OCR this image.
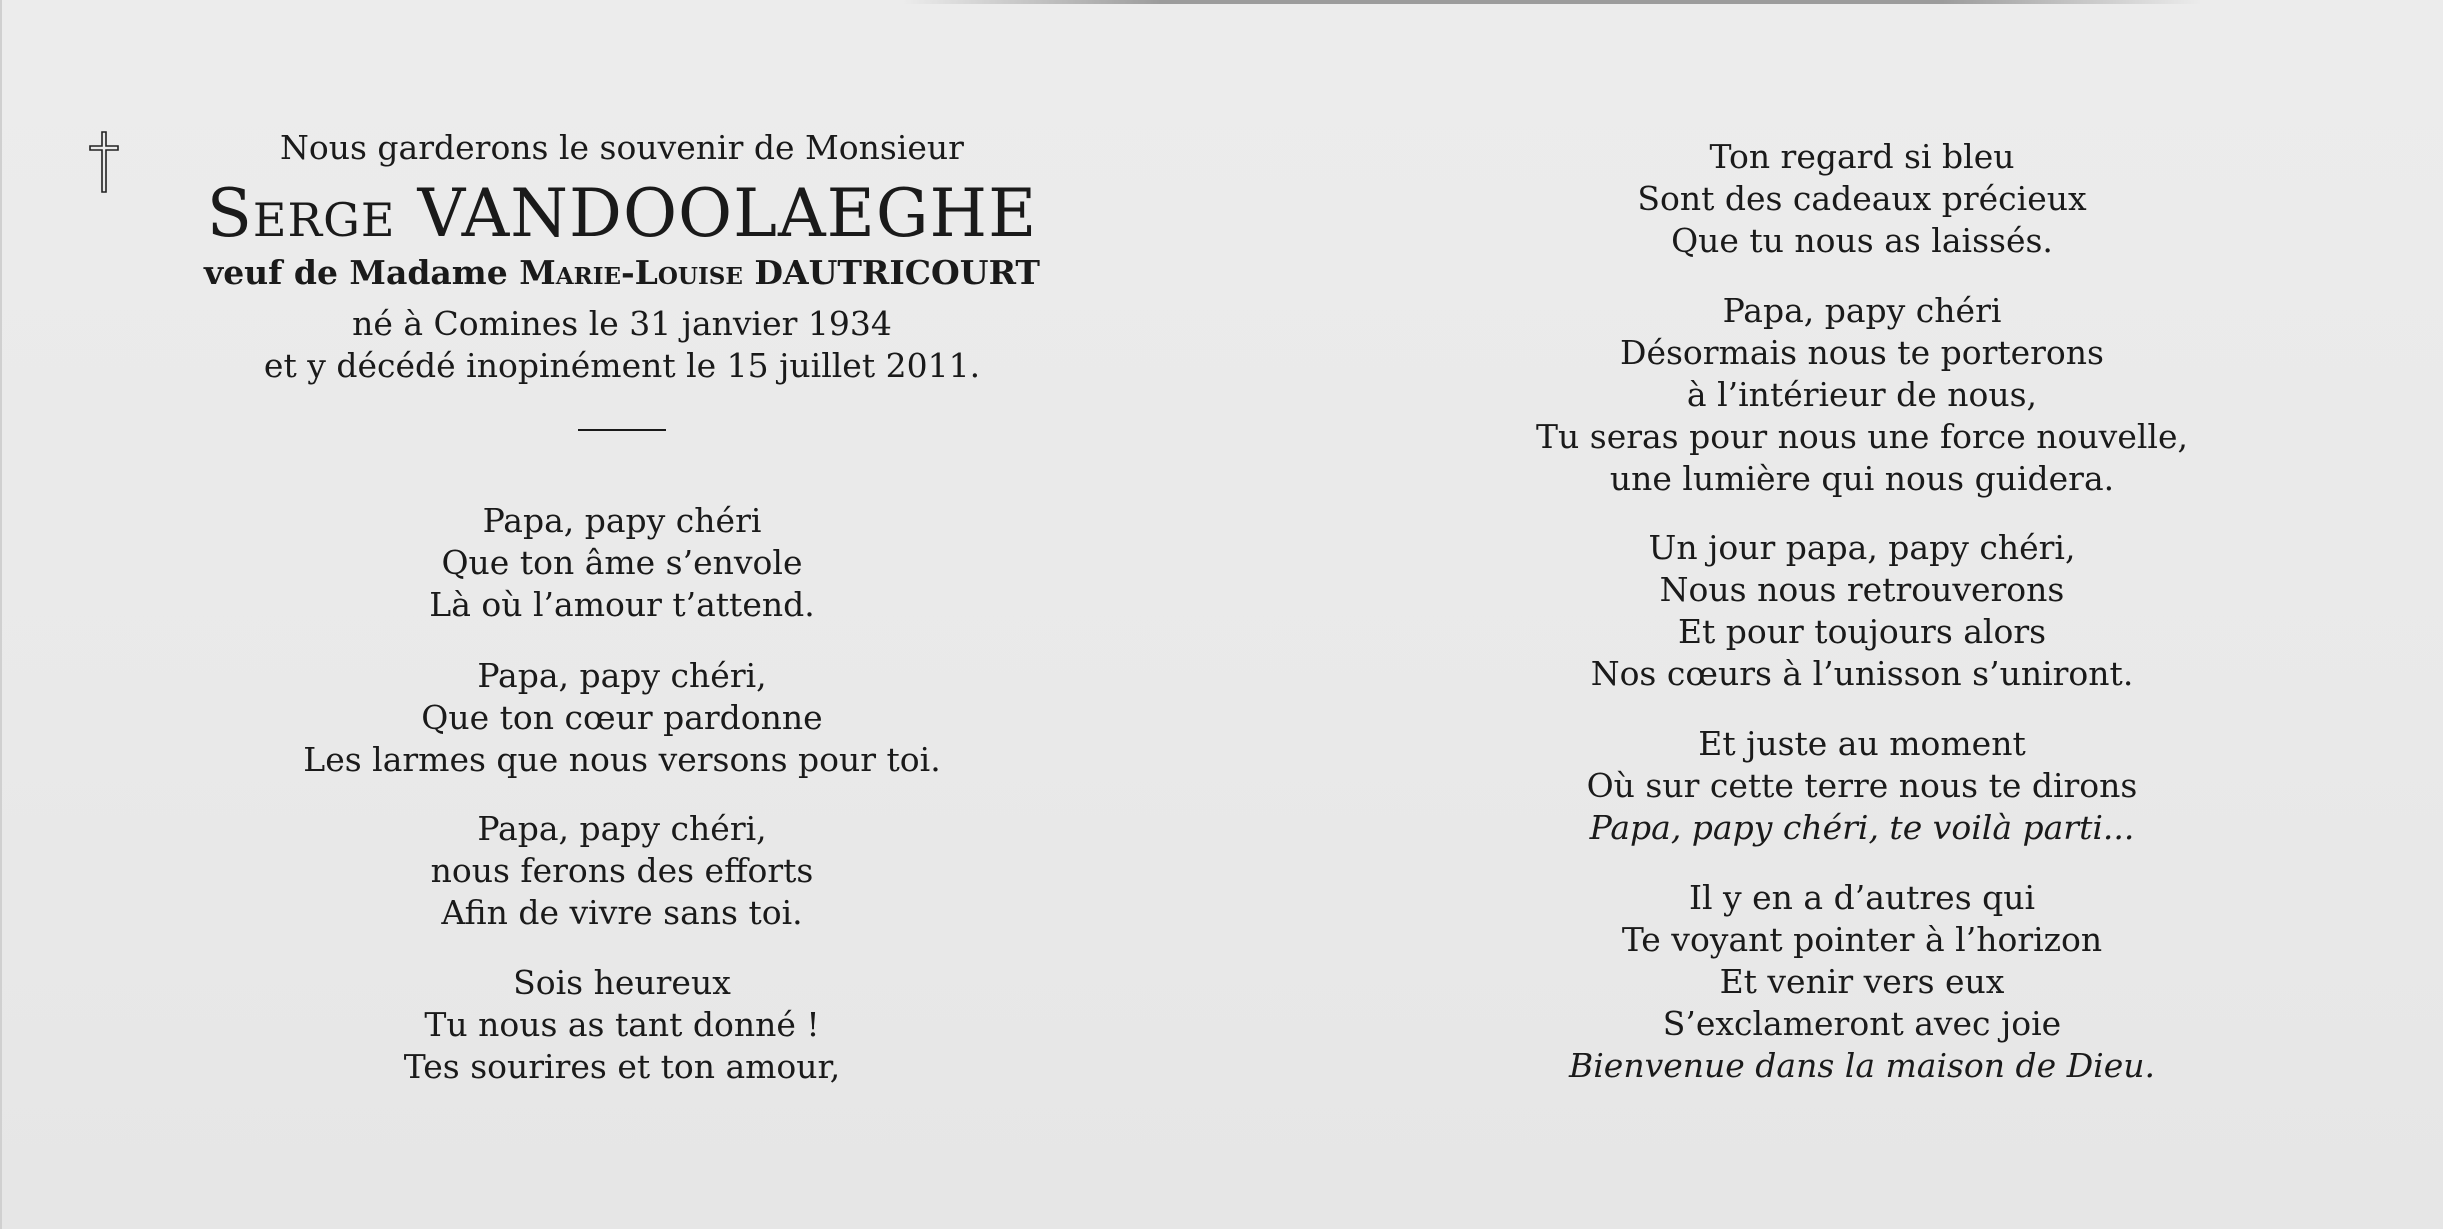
Nous garderons le souvenir de Monsieur
Serge VANDOOLAEGHE
veuf de Madame Marie-Louise DAUTRICOURT
né à Comines le 31 janvier 1934
et y décédé inopinément le 15 juillet 2011.
Papa, papy chéri
Que ton âme s’envole
Là où l’amour t’attend.
Papa, papy chéri,
Que ton cœur pardonne
Les larmes que nous versons pour toi.
Papa, papy chéri,
nous ferons des efforts
Afin de vivre sans toi.
Sois heureux
Tu nous as tant donné !
Tes sourires et ton amour,
Ton regard si bleu
Sont des cadeaux précieux
Que tu nous as laissés.
Papa, papy chéri
Désormais nous te porterons
à l’intérieur de nous,
Tu seras pour nous une force nouvelle,
une lumière qui nous guidera.
Un jour papa, papy chéri,
Nous nous retrouverons
Et pour toujours alors
Nos cœurs à l’unisson s’uniront.
Et juste au moment
Où sur cette terre nous te dirons
Papa, papy chéri, te voilà parti...
Il y en a d’autres qui
Te voyant pointer à l’horizon
Et venir vers eux
S’exclameront avec joie
Bienvenue dans la maison de Dieu.
